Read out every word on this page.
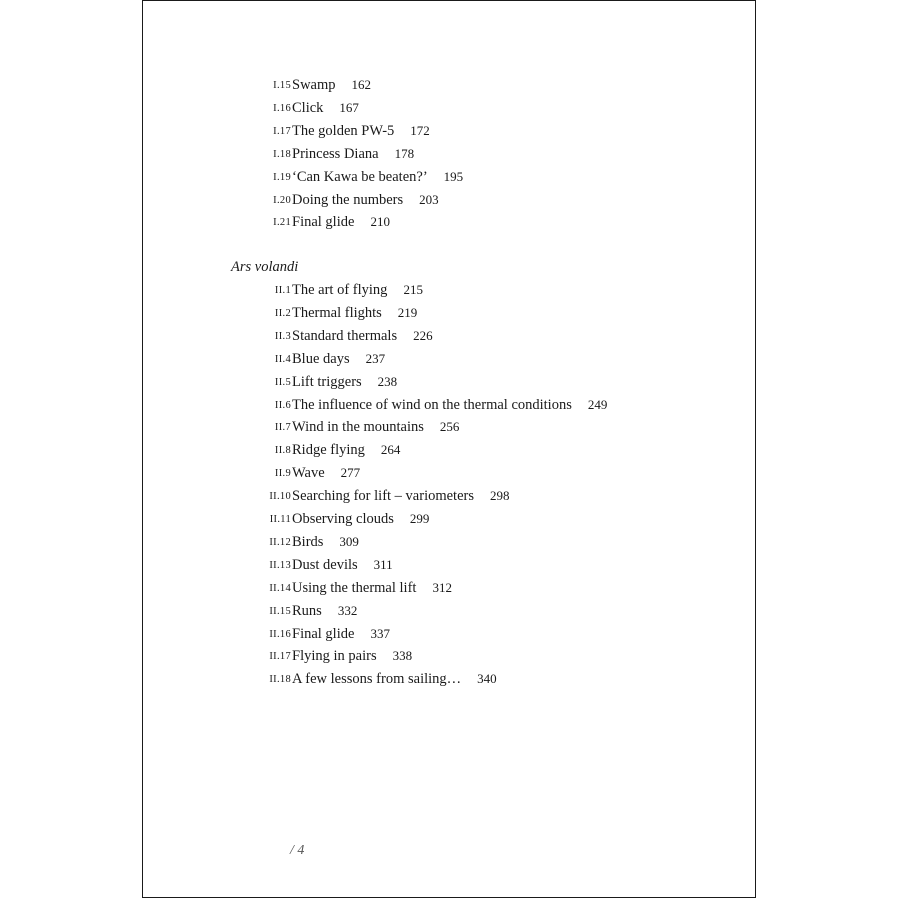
I.15 Swamp 162
I.16 Click 167
I.17 The golden PW-5 172
I.18 Princess Diana 178
I.19 ‘Can Kawa be beaten?’ 195
I.20 Doing the numbers 203
I.21 Final glide 210
II.1 The art of flying 215
II.2 Thermal flights 219
II.3 Standard thermals 226
II.4 Blue days 237
II.5 Lift triggers 238
II.6 The influence of wind on the thermal conditions 249
II.7 Wind in the mountains 256
II.8 Ridge flying 264
II.9 Wave 277
II.10 Searching for lift – variometers 298
II.11 Observing clouds 299
II.12 Birds 309
II.13 Dust devils 311
II.14 Using the thermal lift 312
II.15 Runs 332
II.16 Final glide 337
II.17 Flying in pairs 338
II.18 A few lessons from sailing… 340
Ars volandi
/ 4
